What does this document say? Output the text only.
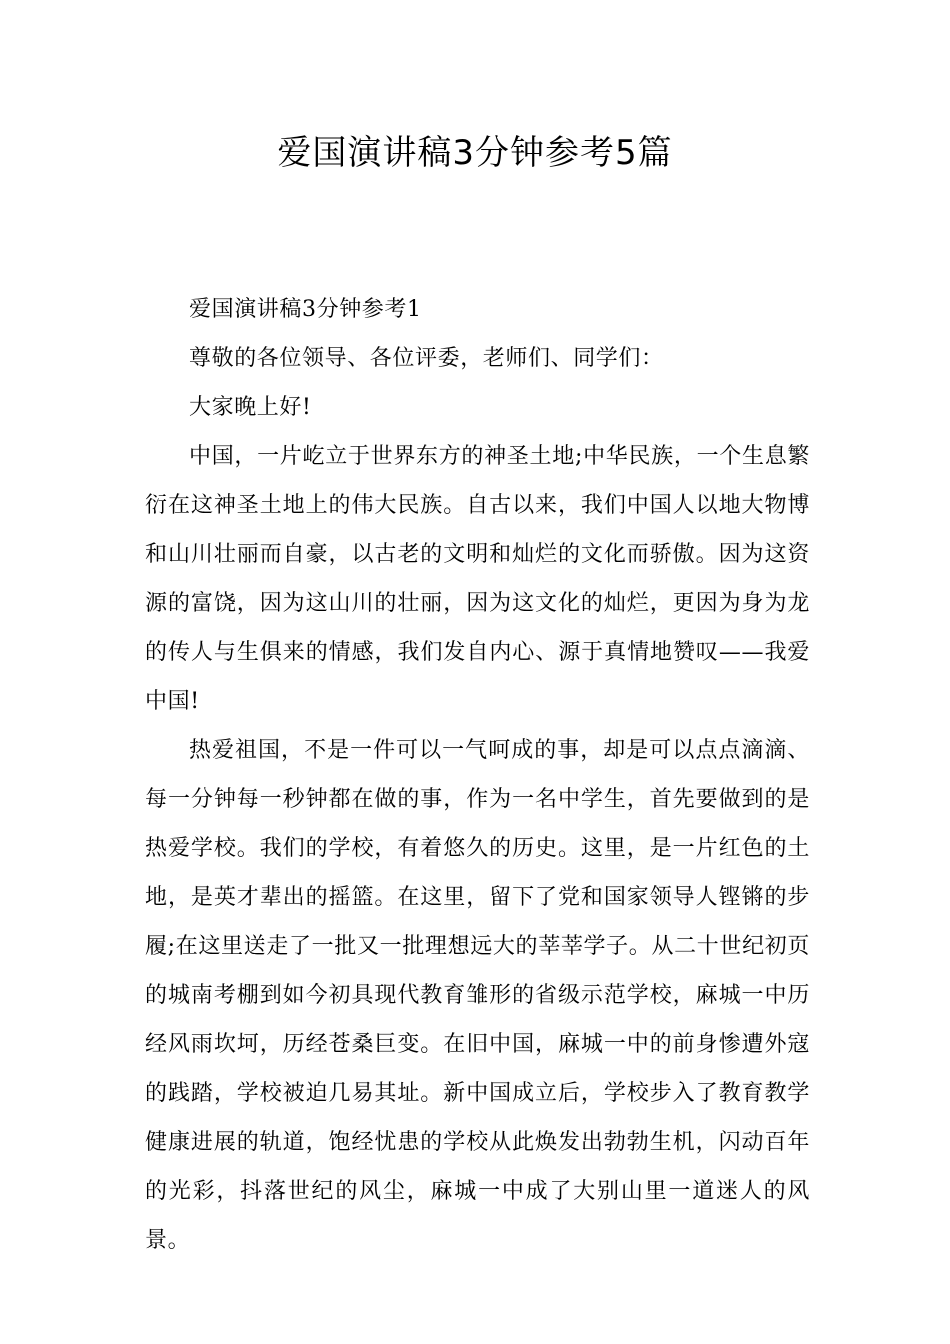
爱国演讲稿3分钟参考5篇

爱国演讲稿3分钟参考1

尊敬的各位领导、各位评委，老师们、同学们：

大家晚上好!

中国，一片屹立于世界东方的神圣土地;中华民族，一个生息繁衍在这神圣土地上的伟大民族。自古以来，我们中国人以地大物博和山川壮丽而自豪，以古老的文明和灿烂的文化而骄傲。因为这资源的富饶，因为这山川的壮丽，因为这文化的灿烂，更因为身为龙的传人与生俱来的情感，我们发自内心、源于真情地赞叹——我爱中国!

热爱祖国，不是一件可以一气呵成的事，却是可以点点滴滴、每一分钟每一秒钟都在做的事，作为一名中学生，首先要做到的是热爱学校。我们的学校，有着悠久的历史。这里，是一片红色的土地，是英才辈出的摇篮。在这里，留下了党和国家领导人铿锵的步履;在这里送走了一批又一批理想远大的莘莘学子。从二十世纪初页的城南考棚到如今初具现代教育雏形的省级示范学校，麻城一中历经风雨坎坷，历经苍桑巨变。在旧中国，麻城一中的前身惨遭外寇的践踏，学校被迫几易其址。新中国成立后，学校步入了教育教学健康进展的轨道，饱经忧患的学校从此焕发出勃勃生机，闪动百年的光彩，抖落世纪的风尘，麻城一中成了大别山里一道迷人的风景。
